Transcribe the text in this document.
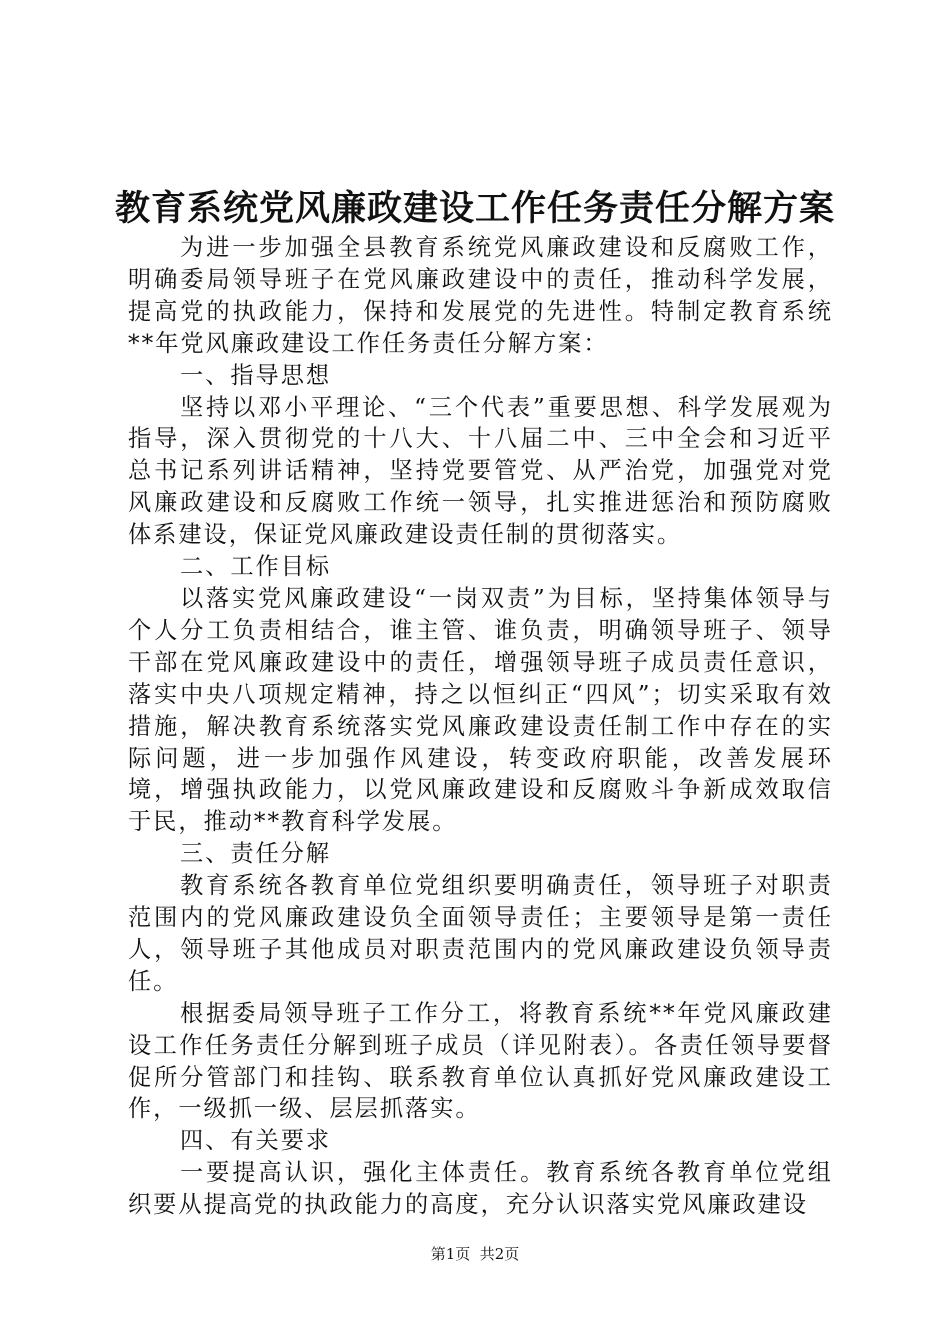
教育系统党风廉政建设工作任务责任分解方案

为进一步加强全县教育系统党风廉政建设和反腐败工作，明确委局领导班子在党风廉政建设中的责任，推动科学发展，提高党的执政能力，保持和发展党的先进性。特制定教育系统**年党风廉政建设工作任务责任分解方案：

一、指导思想

坚持以邓小平理论、“三个代表”重要思想、科学发展观为指导，深入贯彻党的十八大、十八届二中、三中全会和习近平总书记系列讲话精神，坚持党要管党、从严治党，加强党对党风廉政建设和反腐败工作统一领导，扎实推进惩治和预防腐败体系建设，保证党风廉政建设责任制的贯彻落实。

二、工作目标

以落实党风廉政建设“一岗双责”为目标，坚持集体领导与个人分工负责相结合，谁主管、谁负责，明确领导班子、领导干部在党风廉政建设中的责任，增强领导班子成员责任意识，落实中央八项规定精神，持之以恒纠正“四风”；切实采取有效措施，解决教育系统落实党风廉政建设责任制工作中存在的实际问题，进一步加强作风建设，转变政府职能，改善发展环境，增强执政能力，以党风廉政建设和反腐败斗争新成效取信于民，推动**教育科学发展。

三、责任分解

教育系统各教育单位党组织要明确责任，领导班子对职责范围内的党风廉政建设负全面领导责任；主要领导是第一责任人，领导班子其他成员对职责范围内的党风廉政建设负领导责任。

根据委局领导班子工作分工，将教育系统**年党风廉政建设工作任务责任分解到班子成员（详见附表）。各责任领导要督促所分管部门和挂钩、联系教育单位认真抓好党风廉政建设工作，一级抓一级、层层抓落实。

四、有关要求

一要提高认识，强化主体责任。教育系统各教育单位党组织要从提高党的执政能力的高度，充分认识落实党风廉政建设

第1页  共2页
